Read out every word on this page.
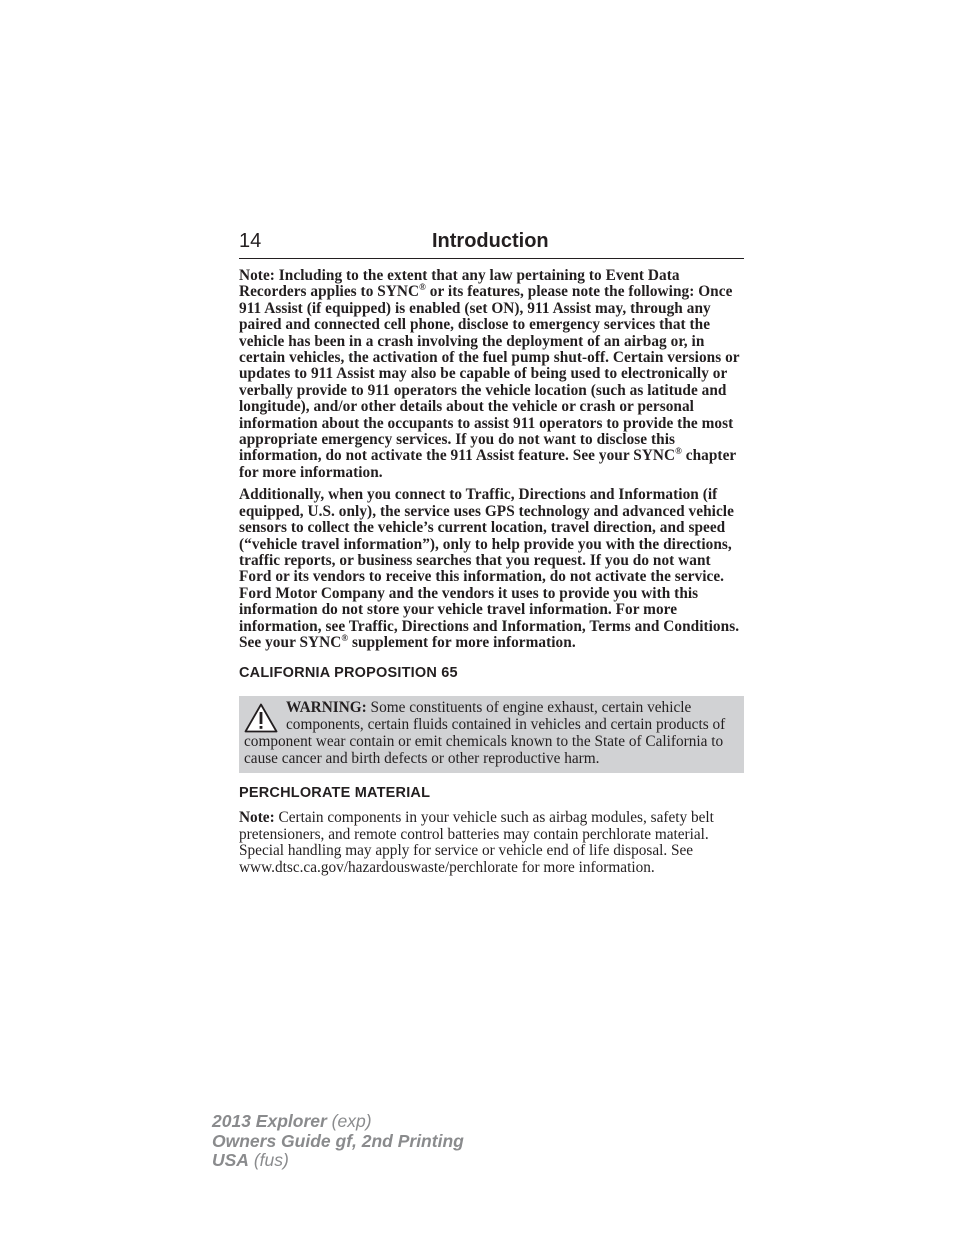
14	Introduction

Note: Including to the extent that any law pertaining to Event Data Recorders applies to SYNC® or its features, please note the following: Once 911 Assist (if equipped) is enabled (set ON), 911 Assist may, through any paired and connected cell phone, disclose to emergency services that the vehicle has been in a crash involving the deployment of an airbag or, in certain vehicles, the activation of the fuel pump shut-off. Certain versions or updates to 911 Assist may also be capable of being used to electronically or verbally provide to 911 operators the vehicle location (such as latitude and longitude), and/or other details about the vehicle or crash or personal information about the occupants to assist 911 operators to provide the most appropriate emergency services. If you do not want to disclose this information, do not activate the 911 Assist feature. See your SYNC® chapter for more information.

Additionally, when you connect to Traffic, Directions and Information (if equipped, U.S. only), the service uses GPS technology and advanced vehicle sensors to collect the vehicle’s current location, travel direction, and speed (“vehicle travel information”), only to help provide you with the directions, traffic reports, or business searches that you request. If you do not want Ford or its vendors to receive this information, do not activate the service. Ford Motor Company and the vendors it uses to provide you with this information do not store your vehicle travel information. For more information, see Traffic, Directions and Information, Terms and Conditions. See your SYNC® supplement for more information.

CALIFORNIA PROPOSITION 65
WARNING: Some constituents of engine exhaust, certain vehicle components, certain fluids contained in vehicles and certain products of component wear contain or emit chemicals known to the State of California to cause cancer and birth defects or other reproductive harm.
PERCHLORATE MATERIAL

Note: Certain components in your vehicle such as airbag modules, safety belt pretensioners, and remote control batteries may contain perchlorate material. Special handling may apply for service or vehicle end of life disposal. See www.dtsc.ca.gov/hazardouswaste/perchlorate for more information.

2013 Explorer (exp)
Owners Guide gf, 2nd Printing
USA (fus)
